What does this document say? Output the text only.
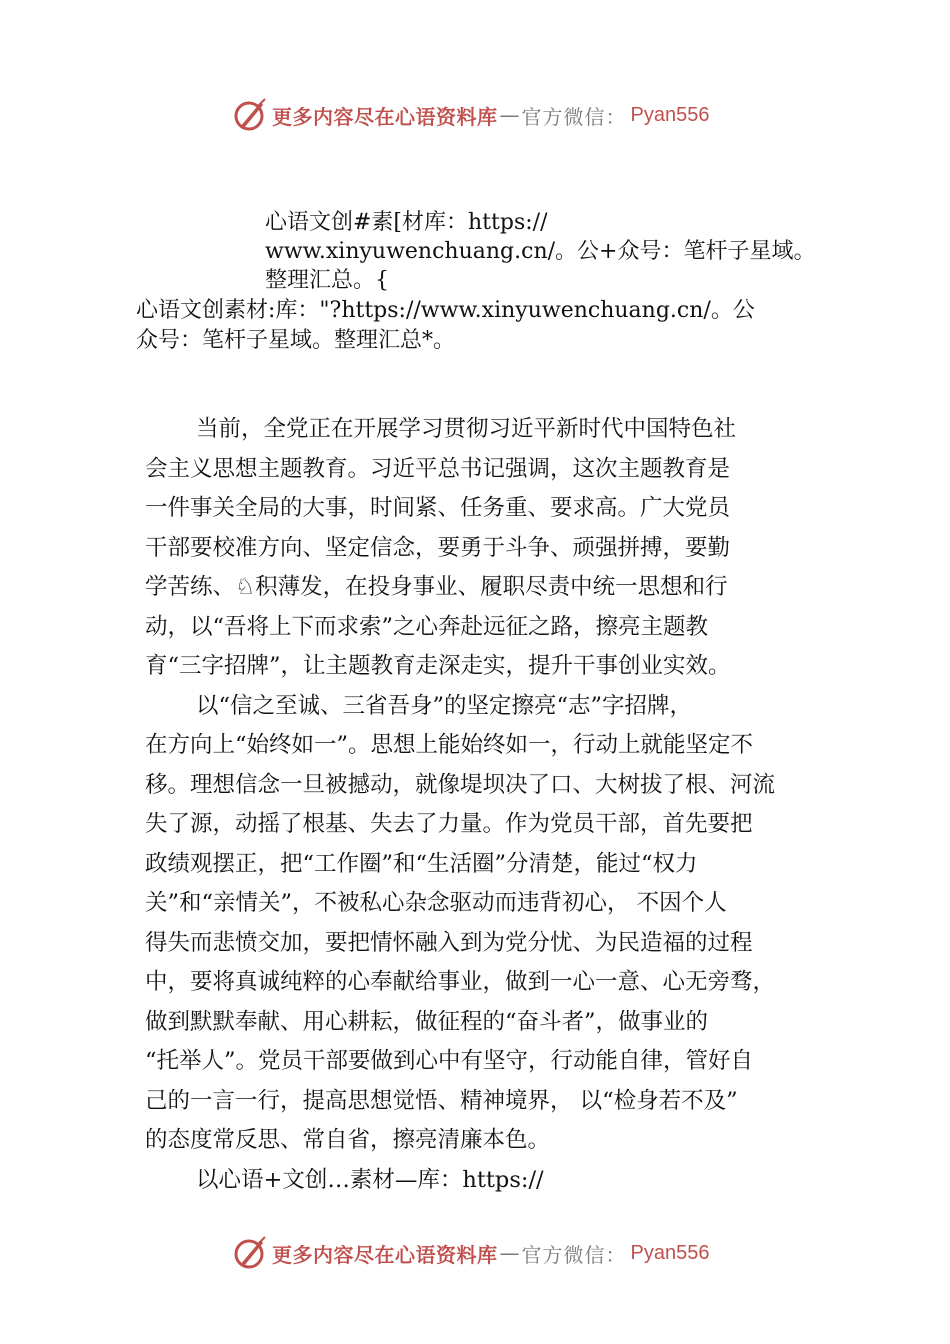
更多内容尽在心语资料库 — 官方微信： Pyan556
心语文创#素[材库：https://
www.xinyuwenchuang.cn/。公+众号：笔杆子星域。
整理汇总。{
心语文创素材:库："?https://www.xinyuwenchuang.cn/。公
众号：笔杆子星域。整理汇总*。
当前，全党正在开展学习贯彻习近平新时代中国特色社
会主义思想主题教育。习近平总书记强调，这次主题教育是
一件事关全局的大事，时间紧、任务重、要求高。广大党员
干部要校准方向、坚定信念，要勇于斗争、顽强拼搏，要勤
学苦练、♘积薄发，在投身事业、履职尽责中统一思想和行
动，以“吾将上下而求索”之心奔赴远征之路，擦亮主题教
育“三字招牌”，让主题教育走深走实，提升干事创业实效。
以“信之至诚、三省吾身”的坚定擦亮“志”字招牌，
在方向上“始终如一”。思想上能始终如一，行动上就能坚定不
移。理想信念一旦被撼动，就像堤坝决了口、大树拔了根、河流
失了源，动摇了根基、失去了力量。作为党员干部，首先要把
政绩观摆正，把“工作圈”和“生活圈”分清楚，能过“权力
关”和“亲情关”，不被私心杂念驱动而违背初心， 不因个人
得失而悲愤交加，要把情怀融入到为党分忧、为民造福的过程
中，要将真诚纯粹的心奉献给事业，做到一心一意、心无旁骛，
做到默默奉献、用心耕耘，做征程的“奋斗者”，做事业的
“托举人”。党员干部要做到心中有坚守，行动能自律，管好自
己的一言一行，提高思想觉悟、精神境界， 以“检身若不及”
的态度常反思、常自省，擦亮清廉本色。
以心语+文创…素材—库：https://
更多内容尽在心语资料库 — 官方微信： Pyan556
